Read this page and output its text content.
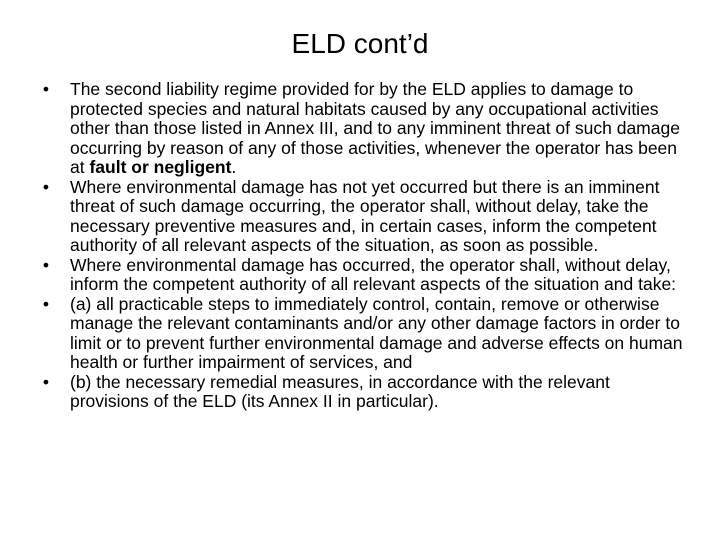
ELD cont’d
• The second liability regime provided for by the ELD applies to damage to protected species and natural habitats caused by any occupational activities other than those listed in Annex III, and to any imminent threat of such damage occurring by reason of any of those activities, whenever the operator has been at fault or negligent.
• Where environmental damage has not yet occurred but there is an imminent threat of such damage occurring, the operator shall, without delay, take the necessary preventive measures and, in certain cases, inform the competent authority of all relevant aspects of the situation, as soon as possible.
• Where environmental damage has occurred, the operator shall, without delay, inform the competent authority of all relevant aspects of the situation and take:
• (a) all practicable steps to immediately control, contain, remove or otherwise manage the relevant contaminants and/or any other damage factors in order to limit or to prevent further environmental damage and adverse effects on human health or further impairment of services, and
• (b) the necessary remedial measures, in accordance with the relevant provisions of the ELD (its Annex II in particular).
